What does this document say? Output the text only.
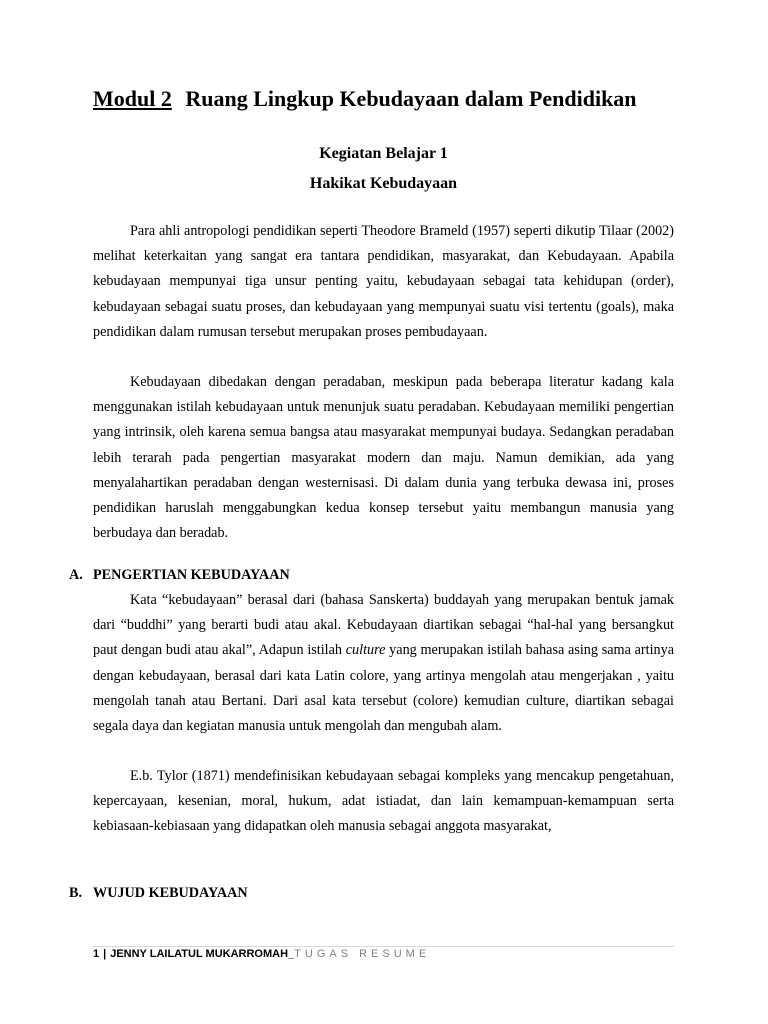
Modul 2 Ruang Lingkup Kebudayaan dalam Pendidikan

Kegiatan Belajar 1

Hakikat Kebudayaan

Para ahli antropologi pendidikan seperti Theodore Brameld (1957) seperti dikutip Tilaar (2002) melihat keterkaitan yang sangat era tantara pendidikan, masyarakat, dan Kebudayaan. Apabila kebudayaan mempunyai tiga unsur penting yaitu, kebudayaan sebagai tata kehidupan (order), kebudayaan sebagai suatu proses, dan kebudayaan yang mempunyai suatu visi tertentu (goals), maka pendidikan dalam rumusan tersebut merupakan proses pembudayaan.

Kebudayaan dibedakan dengan peradaban, meskipun pada beberapa literatur kadang kala menggunakan istilah kebudayaan untuk menunjuk suatu peradaban. Kebudayaan memiliki pengertian yang intrinsik, oleh karena semua bangsa atau masyarakat mempunyai budaya. Sedangkan peradaban lebih terarah pada pengertian masyarakat modern dan maju. Namun demikian, ada yang menyalahartikan peradaban dengan westernisasi. Di dalam dunia yang terbuka dewasa ini, proses pendidikan haruslah menggabungkan kedua konsep tersebut yaitu membangun manusia yang berbudaya dan beradab.

A. PENGERTIAN KEBUDAYAAN

Kata “kebudayaan” berasal dari (bahasa Sanskerta) buddayah yang merupakan bentuk jamak dari “buddhi” yang berarti budi atau akal. Kebudayaan diartikan sebagai “hal-hal yang bersangkut paut dengan budi atau akal”, Adapun istilah culture yang merupakan istilah bahasa asing sama artinya dengan kebudayaan, berasal dari kata Latin colore, yang artinya mengolah atau mengerjakan , yaitu mengolah tanah atau Bertani. Dari asal kata tersebut (colore) kemudian culture, diartikan sebagai segala daya dan kegiatan manusia untuk mengolah dan mengubah alam.

E.b. Tylor (1871) mendefinisikan kebudayaan sebagai kompleks yang mencakup pengetahuan, kepercayaan, kesenian, moral, hukum, adat istiadat, dan lain kemampuan-kemampuan serta kebiasaan-kebiasaan yang didapatkan oleh manusia sebagai anggota masyarakat,

B. WUJUD KEBUDAYAAN
1 | JENNY LAILATUL MUKARROMAH_TUGAS RESUME
